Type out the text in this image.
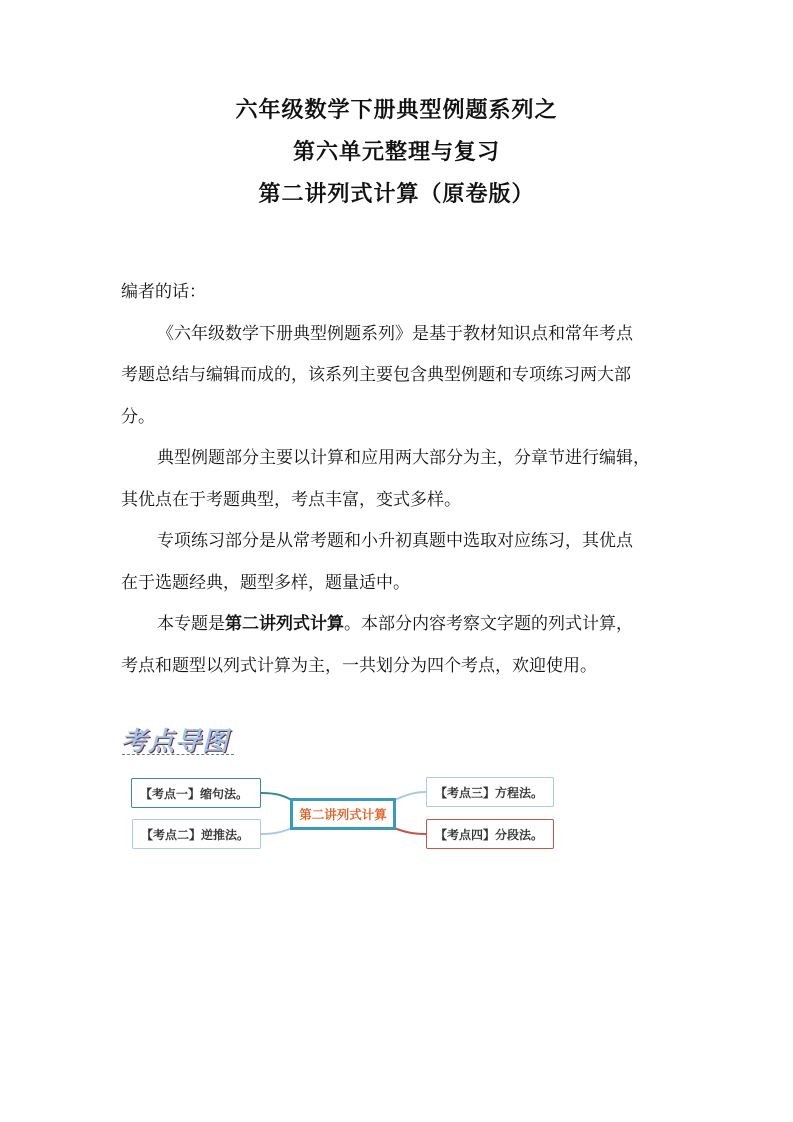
六年级数学下册典型例题系列之
第六单元整理与复习
第二讲列式计算（原卷版）

编者的话：

《六年级数学下册典型例题系列》是基于教材知识点和常年考点

考题总结与编辑而成的，该系列主要包含典型例题和专项练习两大部

分。

典型例题部分主要以计算和应用两大部分为主，分章节进行编辑，

其优点在于考题典型，考点丰富，变式多样。

专项练习部分是从常考题和小升初真题中选取对应练习，其优点

在于选题经典，题型多样，题量适中。

本专题是第二讲列式计算。本部分内容考察文字题的列式计算，

考点和题型以列式计算为主，一共划分为四个考点，欢迎使用。

考点导图
【考点一】缩句法。
【考点二】逆推法。
【考点三】方程法。
【考点四】分段法。
第二讲列式计算
